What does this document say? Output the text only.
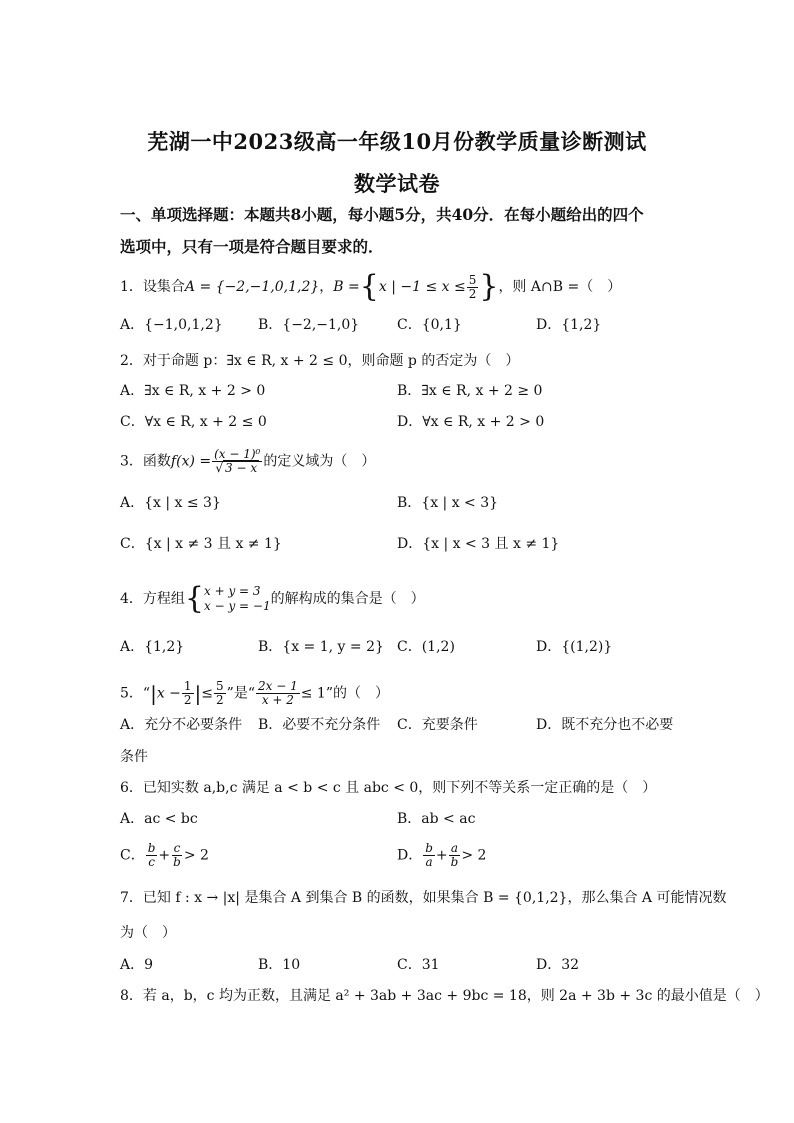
芜湖一中2023级高一年级10月份教学质量诊断测试
数学试卷
一、单项选择题：本题共8小题，每小题5分，共40分．在每小题给出的四个
选项中，只有一项是符合题目要求的．
1．设集合A = {−2,−1,0,1,2}，B ={x | $-1 \le x \le \frac{5}{2}$ }，则 A∩B =（　）
A．{−1,0,1,2}	B．{−2,−1,0}	C．{0,1}	D．{1,2}
2．对于命题 p：∃x ∈ R, x + 2 ≤ 0，则命题 p 的否定为（　）
A．∃x ∈ R, x + 2 > 0	B．∃x ∈ R, x + 2 ≥ 0
C．∀x ∈ R, x + 2 ≤ 0	D．∀x ∈ R, x + 2 > 0
3．函数$f(x) = \frac{\text{(x − 1)⁰}}{√ 3 - x}$ 的定义域为（　）
A．{x | x ≤ 3}	B．{x | x < 3}
C．{x | x ≠ 3 且 x ≠ 1}	D．{x | x < 3 且 x ≠ 1}
4．方程组 { x + y = 3
x − y = −1 的解构成的集合是（　）
A．{1,2}	B．{x = 1, y = 2} C．(1,2)	D．{(1,2)}
5．“$|x - \frac{1}{2}$ |≤ $\frac{5}{2}$ ”是“ $\frac{2x - 1}{x + 2} \le 1$”的（　）
A．充分不必要条件 B．必要不充分条件 C．充要条件	D．既不充分也不必要
条件
6．已知实数 a,b,c 满足 a < b < c 且 abc < 0，则下列不等关系一定正确的是（　）
A．ac < bc	B．ab < ac
C． $\frac{b}{c} + \frac{c}{b} > 2$	D． $\frac{b}{a} + \frac{a}{b} > 2$
7．已知 f : x → |x| 是集合 A 到集合 B 的函数，如果集合 B = {0,1,2}，那么集合 A 可能情况数
为（　）
A．9	B．10	C．31	D．32
8．若 a，b，c 均为正数，且满足 a² + 3ab + 3ac + 9bc = 18，则 2a + 3b + 3c 的最小值是（　）
